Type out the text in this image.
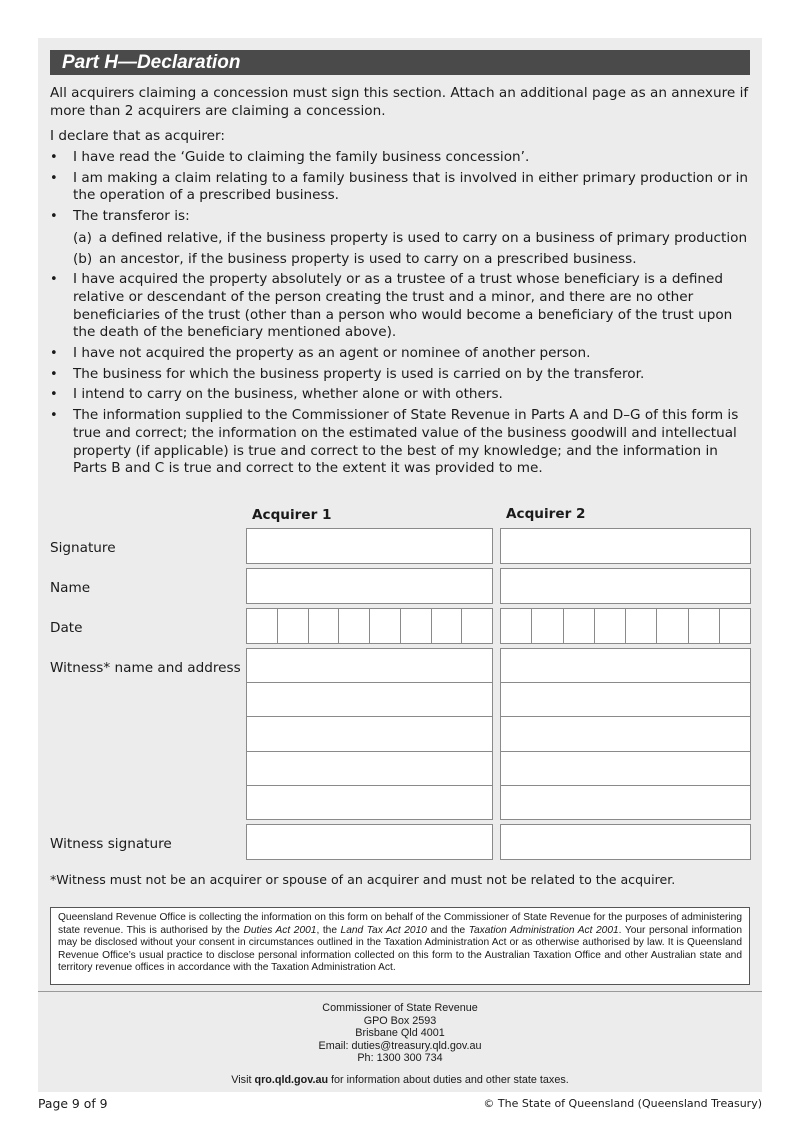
Part H—Declaration
All acquirers claiming a concession must sign this section. Attach an additional page as an annexure if more than 2 acquirers are claiming a concession.
I declare that as acquirer:
• I have read the ‘Guide to claiming the family business concession’.
• I am making a claim relating to a family business that is involved in either primary production or in the operation of a prescribed business.
• The transferor is:
(a) a defined relative, if the business property is used to carry on a business of primary production
(b) an ancestor, if the business property is used to carry on a prescribed business.
• I have acquired the property absolutely or as a trustee of a trust whose beneficiary is a defined relative or descendant of the person creating the trust and a minor, and there are no other beneficiaries of the trust (other than a person who would become a beneficiary of the trust upon the death of the beneficiary mentioned above).
• I have not acquired the property as an agent or nominee of another person.
• The business for which the business property is used is carried on by the transferor.
• I intend to carry on the business, whether alone or with others.
• The information supplied to the Commissioner of State Revenue in Parts A and D–G of this form is true and correct; the information on the estimated value of the business goodwill and intellectual property (if applicable) is true and correct to the best of my knowledge; and the information in Parts B and C is true and correct to the extent it was provided to me.
Acquirer 1	Acquirer 2
Signature
Name
Date
Witness* name and address
Witness signature
*Witness must not be an acquirer or spouse of an acquirer and must not be related to the acquirer.
Queensland Revenue Office is collecting the information on this form on behalf of the Commissioner of State Revenue for the purposes of administering state revenue. This is authorised by the Duties Act 2001, the Land Tax Act 2010 and the Taxation Administration Act 2001. Your personal information may be disclosed without your consent in circumstances outlined in the Taxation Administration Act or as otherwise authorised by law. It is Queensland Revenue Office’s usual practice to disclose personal information collected on this form to the Australian Taxation Office and other Australian state and territory revenue offices in accordance with the Taxation Administration Act.
Commissioner of State Revenue
GPO Box 2593
Brisbane Qld 4001
Email: duties@treasury.qld.gov.au
Ph: 1300 300 734
Visit qro.qld.gov.au for information about duties and other state taxes.
Page 9 of 9	© The State of Queensland (Queensland Treasury)
